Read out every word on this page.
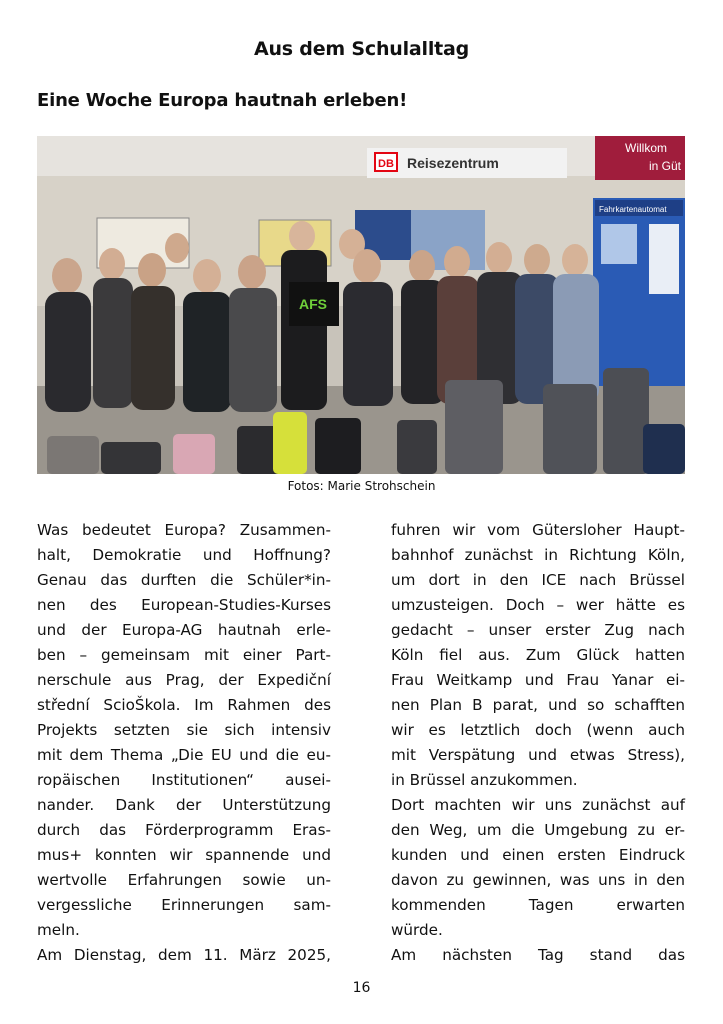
Aus dem Schulalltag
Eine Woche Europa hautnah erleben!
DB Reisezentrum
Willkom
in Güt
Fahrkartenautomat
AFS
Fotos: Marie Strohschein

Was bedeutet Europa? Zusammen-
halt, Demokratie und Hoffnung?
Genau das durften die Schüler*in-
nen des European-Studies-Kurses
und der Europa-AG hautnah erle-
ben – gemeinsam mit einer Part-
nerschule aus Prag, der Expediční
střední ScioŠkola. Im Rahmen des
Projekts setzten sie sich intensiv
mit dem Thema „Die EU und die eu-
ropäischen Institutionen“ ausei-
nander. Dank der Unterstützung
durch das Förderprogramm Eras-
mus+ konnten wir spannende und
wertvolle Erfahrungen sowie un-
vergessliche Erinnerungen sam-
meln.

Am Dienstag, dem 11. März 2025,

fuhren wir vom Gütersloher Haupt-
bahnhof zunächst in Richtung Köln,
um dort in den ICE nach Brüssel
umzusteigen. Doch – wer hätte es
gedacht – unser erster Zug nach
Köln fiel aus. Zum Glück hatten
Frau Weitkamp und Frau Yanar ei-
nen Plan B parat, und so schafften
wir es letztlich doch (wenn auch
mit Verspätung und etwas Stress),
in Brüssel anzukommen.

Dort machten wir uns zunächst auf
den Weg, um die Umgebung zu er-
kunden und einen ersten Eindruck
davon zu gewinnen, was uns in den
kommenden Tagen erwarten
würde.

Am nächsten Tag stand das

16
